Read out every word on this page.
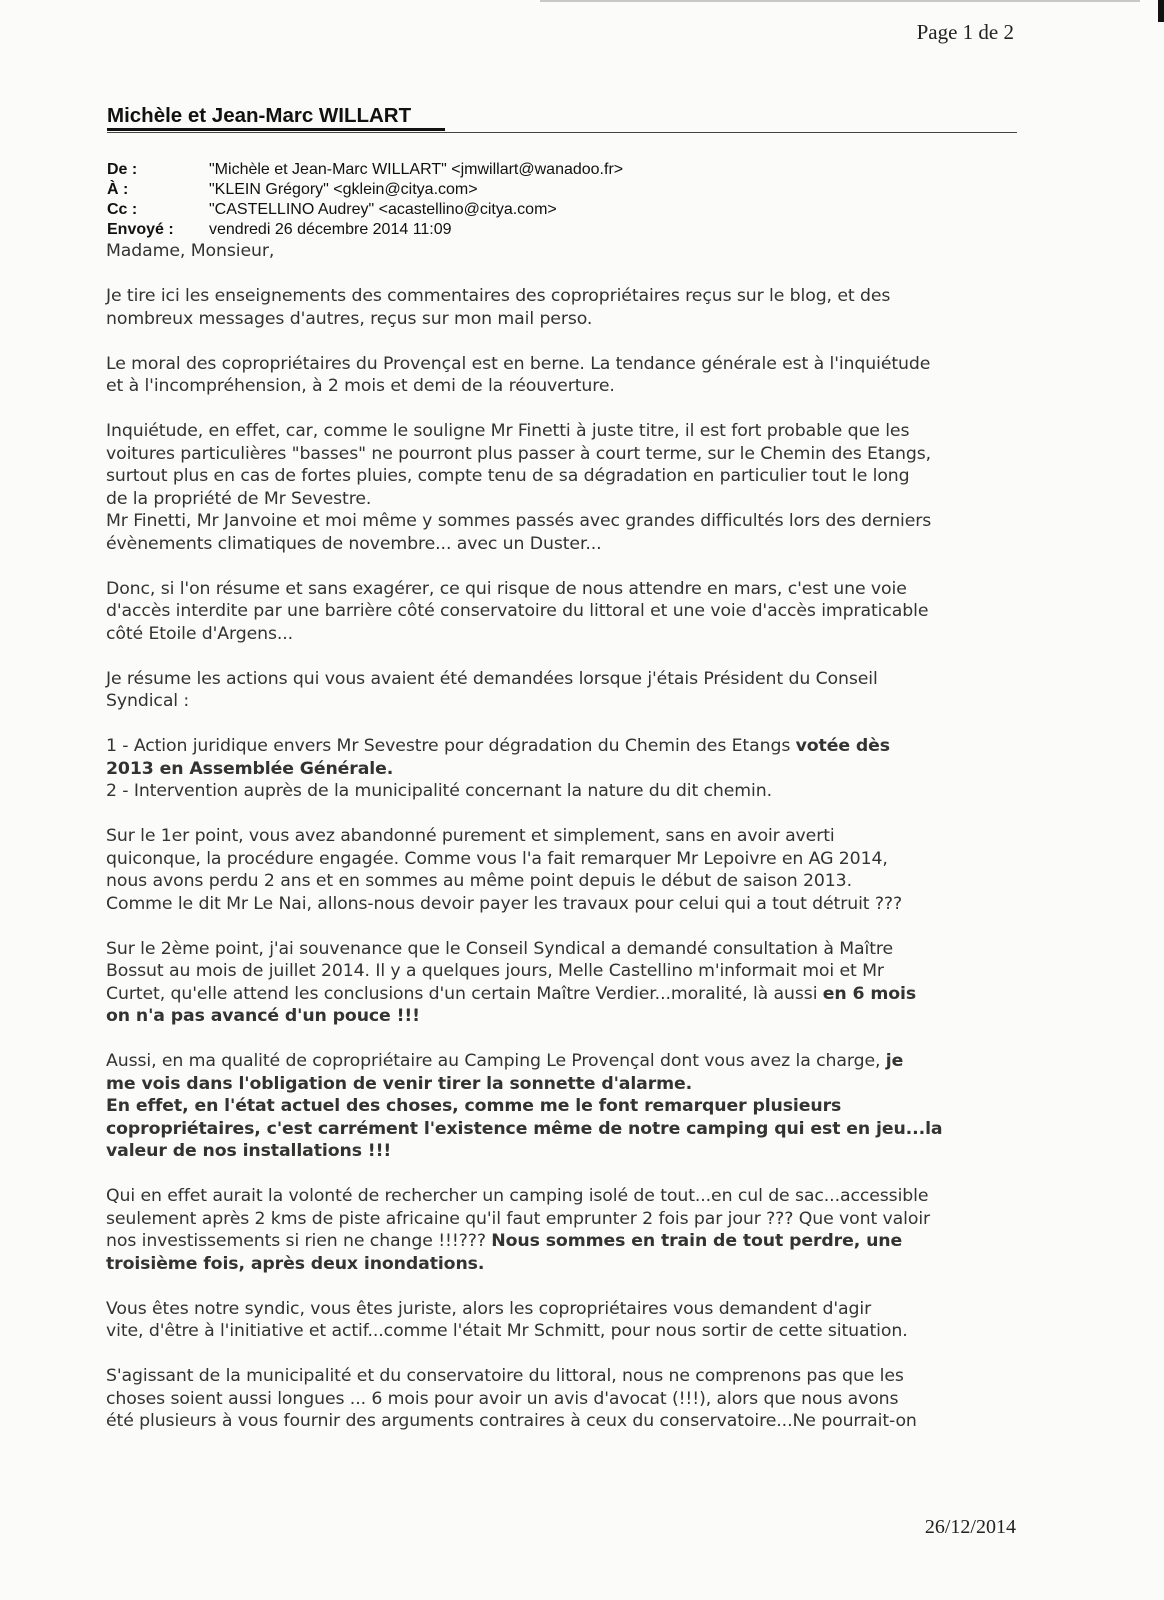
Page 1 de 2
Michèle et Jean-Marc WILLART
De :	"Michèle et Jean-Marc WILLART" <jmwillart@wanadoo.fr>
À :	"KLEIN Grégory" <gklein@citya.com>
Cc :	"CASTELLINO Audrey" <acastellino@citya.com>
Envoyé :	vendredi 26 décembre 2014 11:09
Madame, Monsieur,
Je tire ici les enseignements des commentaires des copropriétaires reçus sur le blog, et des
nombreux messages d'autres, reçus sur mon mail perso.
Le moral des copropriétaires du Provençal est en berne. La tendance générale est à l'inquiétude
et à l'incompréhension, à 2 mois et demi de la réouverture.
Inquiétude, en effet, car, comme le souligne Mr Finetti à juste titre, il est fort probable que les
voitures particulières "basses" ne pourront plus passer à court terme, sur le Chemin des Etangs,
surtout plus en cas de fortes pluies, compte tenu de sa dégradation en particulier tout le long
de la propriété de Mr Sevestre.
Mr Finetti, Mr Janvoine et moi même y sommes passés avec grandes difficultés lors des derniers
évènements climatiques de novembre... avec un Duster...
Donc, si l'on résume et sans exagérer, ce qui risque de nous attendre en mars, c'est une voie
d'accès interdite par une barrière côté conservatoire du littoral et une voie d'accès impraticable
côté Etoile d'Argens...
Je résume les actions qui vous avaient été demandées lorsque j'étais Président du Conseil
Syndical :
1 - Action juridique envers Mr Sevestre pour dégradation du Chemin des Etangs votée dès
2013 en Assemblée Générale.
2 - Intervention auprès de la municipalité concernant la nature du dit chemin.
Sur le 1er point, vous avez abandonné purement et simplement, sans en avoir averti
quiconque, la procédure engagée. Comme vous l'a fait remarquer Mr Lepoivre en AG 2014,
nous avons perdu 2 ans et en sommes au même point depuis le début de saison 2013.
Comme le dit Mr Le Nai, allons-nous devoir payer les travaux pour celui qui a tout détruit ???
Sur le 2ème point, j'ai souvenance que le Conseil Syndical a demandé consultation à Maître
Bossut au mois de juillet 2014. Il y a quelques jours, Melle Castellino m'informait moi et Mr
Curtet, qu'elle attend les conclusions d'un certain Maître Verdier...moralité, là aussi en 6 mois
on n'a pas avancé d'un pouce !!!
Aussi, en ma qualité de copropriétaire au Camping Le Provençal dont vous avez la charge, je
me vois dans l'obligation de venir tirer la sonnette d'alarme.
En effet, en l'état actuel des choses, comme me le font remarquer plusieurs
copropriétaires, c'est carrément l'existence même de notre camping qui est en jeu...la
valeur de nos installations !!!
Qui en effet aurait la volonté de rechercher un camping isolé de tout...en cul de sac...accessible
seulement après 2 kms de piste africaine qu'il faut emprunter 2 fois par jour ??? Que vont valoir
nos investissements si rien ne change !!!??? Nous sommes en train de tout perdre, une
troisième fois, après deux inondations.
Vous êtes notre syndic, vous êtes juriste, alors les copropriétaires vous demandent d'agir
vite, d'être à l'initiative et actif...comme l'était Mr Schmitt, pour nous sortir de cette situation.
S'agissant de la municipalité et du conservatoire du littoral, nous ne comprenons pas que les
choses soient aussi longues ... 6 mois pour avoir un avis d'avocat (!!!), alors que nous avons
été plusieurs à vous fournir des arguments contraires à ceux du conservatoire...Ne pourrait-on
26/12/2014
